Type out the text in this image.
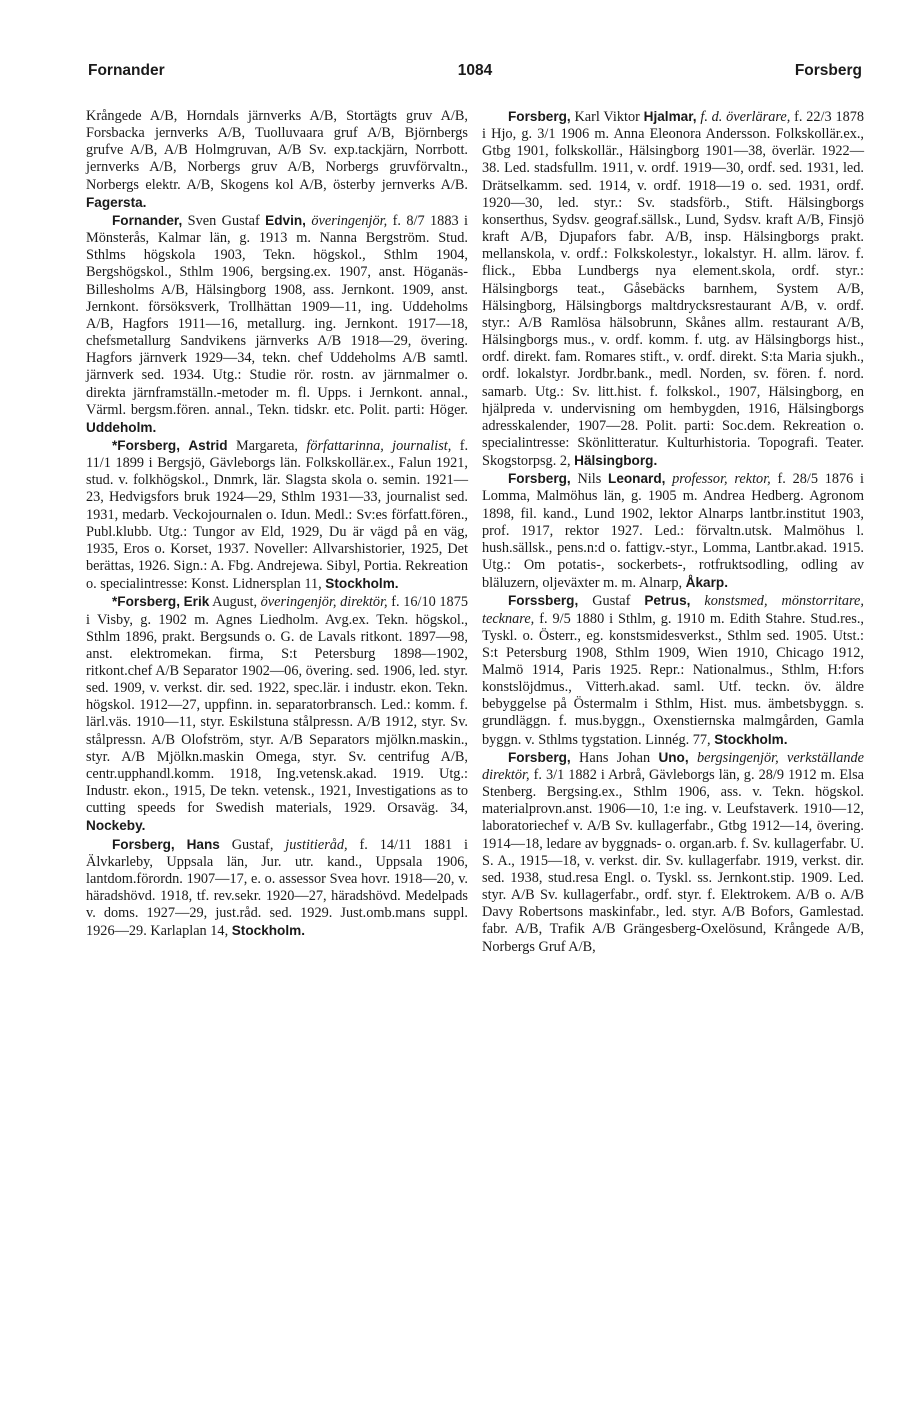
Fornander	1084	Forsberg

Krångede A/B, Horndals järnverks A/B, Stortägts gruv A/B, Forsbacka jernverks A/B, Tuolluvaara gruf A/B, Björnbergs grufve A/B, A/B Holmgruvan, A/B Sv. exp.tackjärn, Norrbott. jernverks A/B, Norbergs gruv A/B, Norbergs gruvförvaltn., Norbergs elektr. A/B, Skogens kol A/B, österby jernverks A/B. Fagersta.

Fornander, Sven Gustaf Edvin, överingenjör, f. 8/7 1883 i Mönsterås, Kalmar län, g. 1913 m. Nanna Bergström. Stud. Sthlms högskola 1903, Tekn. högskol., Sthlm 1904, Bergshögskol., Sthlm 1906, bergsing.ex. 1907, anst. Höganäs-Billesholms A/B, Hälsingborg 1908, ass. Jernkont. 1909, anst. Jernkont. försöksverk, Trollhättan 1909—11, ing. Uddeholms A/B, Hagfors 1911—16, metallurg. ing. Jernkont. 1917—18, chefsmetallurg Sandvikens järnverks A/B 1918—29, övering. Hagfors järnverk 1929—34, tekn. chef Uddeholms A/B samtl. järnverk sed. 1934. Utg.: Studie rör. rostn. av järnmalmer o. direkta järnframställn.-metoder m. fl. Upps. i Jernkont. annal., Värml. bergsm.fören. annal., Tekn. tidskr. etc. Polit. parti: Höger. Uddeholm.

*Forsberg, Astrid Margareta, författarinna, journalist, f. 11/1 1899 i Bergsjö, Gävleborgs län. Folkskollär.ex., Falun 1921, stud. v. folkhögskol., Dnmrk, lär. Slagsta skola o. semin. 1921—23, Hedvigsfors bruk 1924—29, Sthlm 1931—33, journalist sed. 1931, medarb. Veckojournalen o. Idun. Medl.: Sv:es författ.fören., Publ.klubb. Utg.: Tungor av Eld, 1929, Du är vägd på en väg, 1935, Eros o. Korset, 1937. Noveller: Allvarshistorier, 1925, Det berättas, 1926. Sign.: A. Fbg. Andrejewa. Sibyl, Portia. Rekreation o. specialintresse: Konst. Lidnersplan 11, Stockholm.

*Forsberg, Erik August, överingenjör, direktör, f. 16/10 1875 i Visby, g. 1902 m. Agnes Liedholm. Avg.ex. Tekn. högskol., Sthlm 1896, prakt. Bergsunds o. G. de Lavals ritkont. 1897—98, anst. elektromekan. firma, S:t Petersburg 1898—1902, ritkont.chef A/B Separator 1902—06, övering. sed. 1906, led. styr. sed. 1909, v. verkst. dir. sed. 1922, spec.lär. i industr. ekon. Tekn. högskol. 1912—27, uppfinn. in. separatorbransch. Led.: komm. f. lärl.väs. 1910—11, styr. Eskilstuna stålpressn. A/B 1912, styr. Sv. stålpressn. A/B Olofström, styr. A/B Separators mjölkn.maskin., styr. A/B Mjölkn.maskin Omega, styr. Sv. centrifug A/B, centr.upphandl.komm. 1918, Ing.vetensk.akad. 1919. Utg.: Industr. ekon., 1915, De tekn. vetensk., 1921, Investigations as to cutting speeds for Swedish materials, 1929. Orsaväg. 34, Nockeby.

Forsberg, Hans Gustaf, justitieråd, f. 14/11 1881 i Älvkarleby, Uppsala län, Jur. utr. kand., Uppsala 1906, lantdom.förordn. 1907—17, e. o. assessor Svea hovr. 1918—20, v. häradshövd. 1918, tf. rev.sekr. 1920—27, häradshövd. Medelpads v. doms. 1927—29, just.råd. sed. 1929. Just.omb.mans suppl. 1926—29. Karlaplan 14, Stockholm.

Forsberg, Karl Viktor Hjalmar, f. d. överlärare, f. 22/3 1878 i Hjo, g. 3/1 1906 m. Anna Eleonora Andersson. Folkskollär.ex., Gtbg 1901, folkskollär., Hälsingborg 1901—38, överlär. 1922—38. Led. stadsfullm. 1911, v. ordf. 1919—30, ordf. sed. 1931, led. Drätselkamm. sed. 1914, v. ordf. 1918—19 o. sed. 1931, ordf. 1920—30, led. styr.: Sv. stadsförb., Stift. Hälsingborgs konserthus, Sydsv. geograf.sällsk., Lund, Sydsv. kraft A/B, Finsjö kraft A/B, Djupafors fabr. A/B, insp. Hälsingborgs prakt. mellanskola, v. ordf.: Folkskolestyr., lokalstyr. H. allm. lärov. f. flick., Ebba Lundbergs nya element.skola, ordf. styr.: Hälsingborgs teat., Gåsebäcks barnhem, System A/B, Hälsingborg, Hälsingborgs maltdrycksrestaurant A/B, v. ordf. styr.: A/B Ramlösa hälsobrunn, Skånes allm. restaurant A/B, Hälsingborgs mus., v. ordf. komm. f. utg. av Hälsingborgs hist., ordf. direkt. fam. Romares stift., v. ordf. direkt. S:ta Maria sjukh., ordf. lokalstyr. Jordbr.bank., medl. Norden, sv. fören. f. nord. samarb. Utg.: Sv. litt.hist. f. folkskol., 1907, Hälsingborg, en hjälpreda v. undervisning om hembygden, 1916, Hälsingborgs adresskalender, 1907—28. Polit. parti: Soc.dem. Rekreation o. specialintresse: Skönlitteratur. Kulturhistoria. Topografi. Teater. Skogstorpsg. 2, Hälsingborg.

Forsberg, Nils Leonard, professor, rektor, f. 28/5 1876 i Lomma, Malmöhus län, g. 1905 m. Andrea Hedberg. Agronom 1898, fil. kand., Lund 1902, lektor Alnarps lantbr.institut 1903, prof. 1917, rektor 1927. Led.: förvaltn.utsk. Malmöhus l. hush.sällsk., pens.n:d o. fattigv.-styr., Lomma, Lantbr.akad. 1915. Utg.: Om potatis-, sockerbets-, rotfruktsodling, odling av bläluzern, oljeväxter m. m. Alnarp, Åkarp.

Forssberg, Gustaf Petrus, konstsmed, mönstorritare, tecknare, f. 9/5 1880 i Sthlm, g. 1910 m. Edith Stahre. Stud.res., Tyskl. o. Österr., eg. konstsmidesverkst., Sthlm sed. 1905. Utst.: S:t Petersburg 1908, Sthlm 1909, Wien 1910, Chicago 1912, Malmö 1914, Paris 1925. Repr.: Nationalmus., Sthlm, H:fors konstslöjdmus., Vitterh.akad. saml. Utf. teckn. öv. äldre bebyggelse på Östermalm i Sthlm, Hist. mus. ämbetsbyggn. s. grundläggn. f. mus.byggn., Oxenstiernska malmgården, Gamla byggn. v. Sthlms tygstation. Linnég. 77, Stockholm.

Forsberg, Hans Johan Uno, bergsingenjör, verkställande direktör, f. 3/1 1882 i Arbrå, Gävleborgs län, g. 28/9 1912 m. Elsa Stenberg. Bergsing.ex., Sthlm 1906, ass. v. Tekn. högskol. materialprovn.anst. 1906—10, 1:e ing. v. Leufstaverk. 1910—12, laboratoriechef v. A/B Sv. kullagerfabr., Gtbg 1912—14, övering. 1914—18, ledare av byggnads- o. organ.arb. f. Sv. kullagerfabr. U. S. A., 1915—18, v. verkst. dir. Sv. kullagerfabr. 1919, verkst. dir. sed. 1938, stud.resa Engl. o. Tyskl. ss. Jernkont.stip. 1909. Led. styr. A/B Sv. kullagerfabr., ordf. styr. f. Elektrokem. A/B o. A/B Davy Robertsons maskinfabr., led. styr. A/B Bofors, Gamlestad. fabr. A/B, Trafik A/B Grängesberg-Oxelösund, Krångede A/B, Norbergs Gruf A/B,
